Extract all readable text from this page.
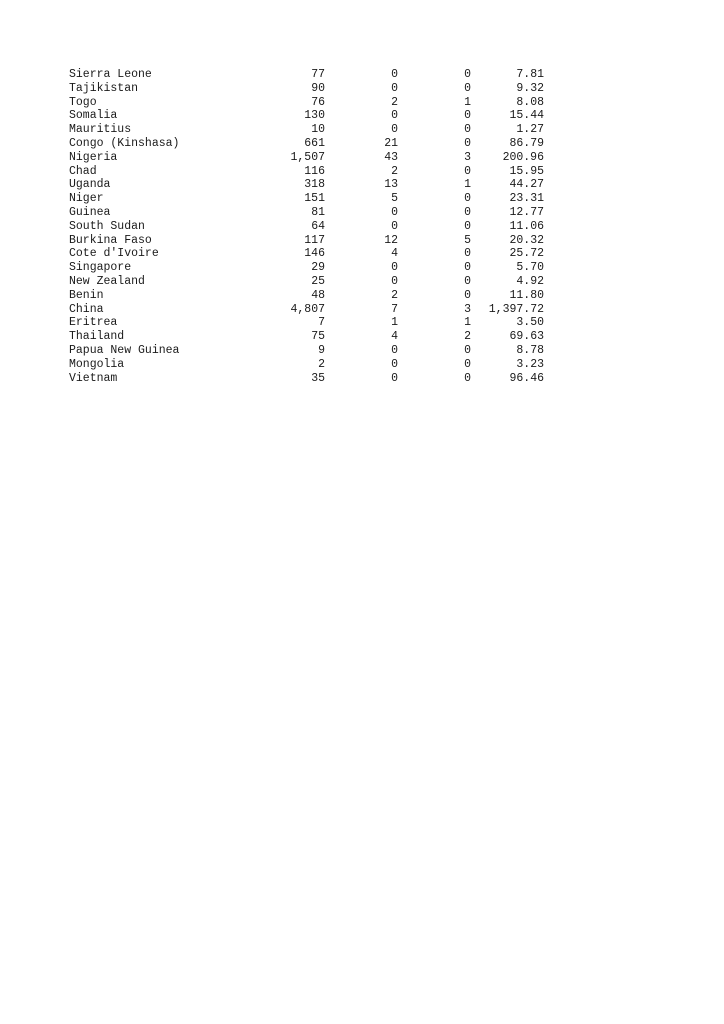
Sierra Leone	77	0	0	7.81
Tajikistan	90	0	0	9.32
Togo	76	2	1	8.08
Somalia	130	0	0	15.44
Mauritius	10	0	0	1.27
Congo (Kinshasa)	661	21	0	86.79
Nigeria	1,507	43	3	200.96
Chad	116	2	0	15.95
Uganda	318	13	1	44.27
Niger	151	5	0	23.31
Guinea	81	0	0	12.77
South Sudan	64	0	0	11.06
Burkina Faso	117	12	5	20.32
Cote d'Ivoire	146	4	0	25.72
Singapore	29	0	0	5.70
New Zealand	25	0	0	4.92
Benin	48	2	0	11.80
China	4,807	7	3	1,397.72
Eritrea	7	1	1	3.50
Thailand	75	4	2	69.63
Papua New Guinea	9	0	0	8.78
Mongolia	2	0	0	3.23
Vietnam	35	0	0	96.46
